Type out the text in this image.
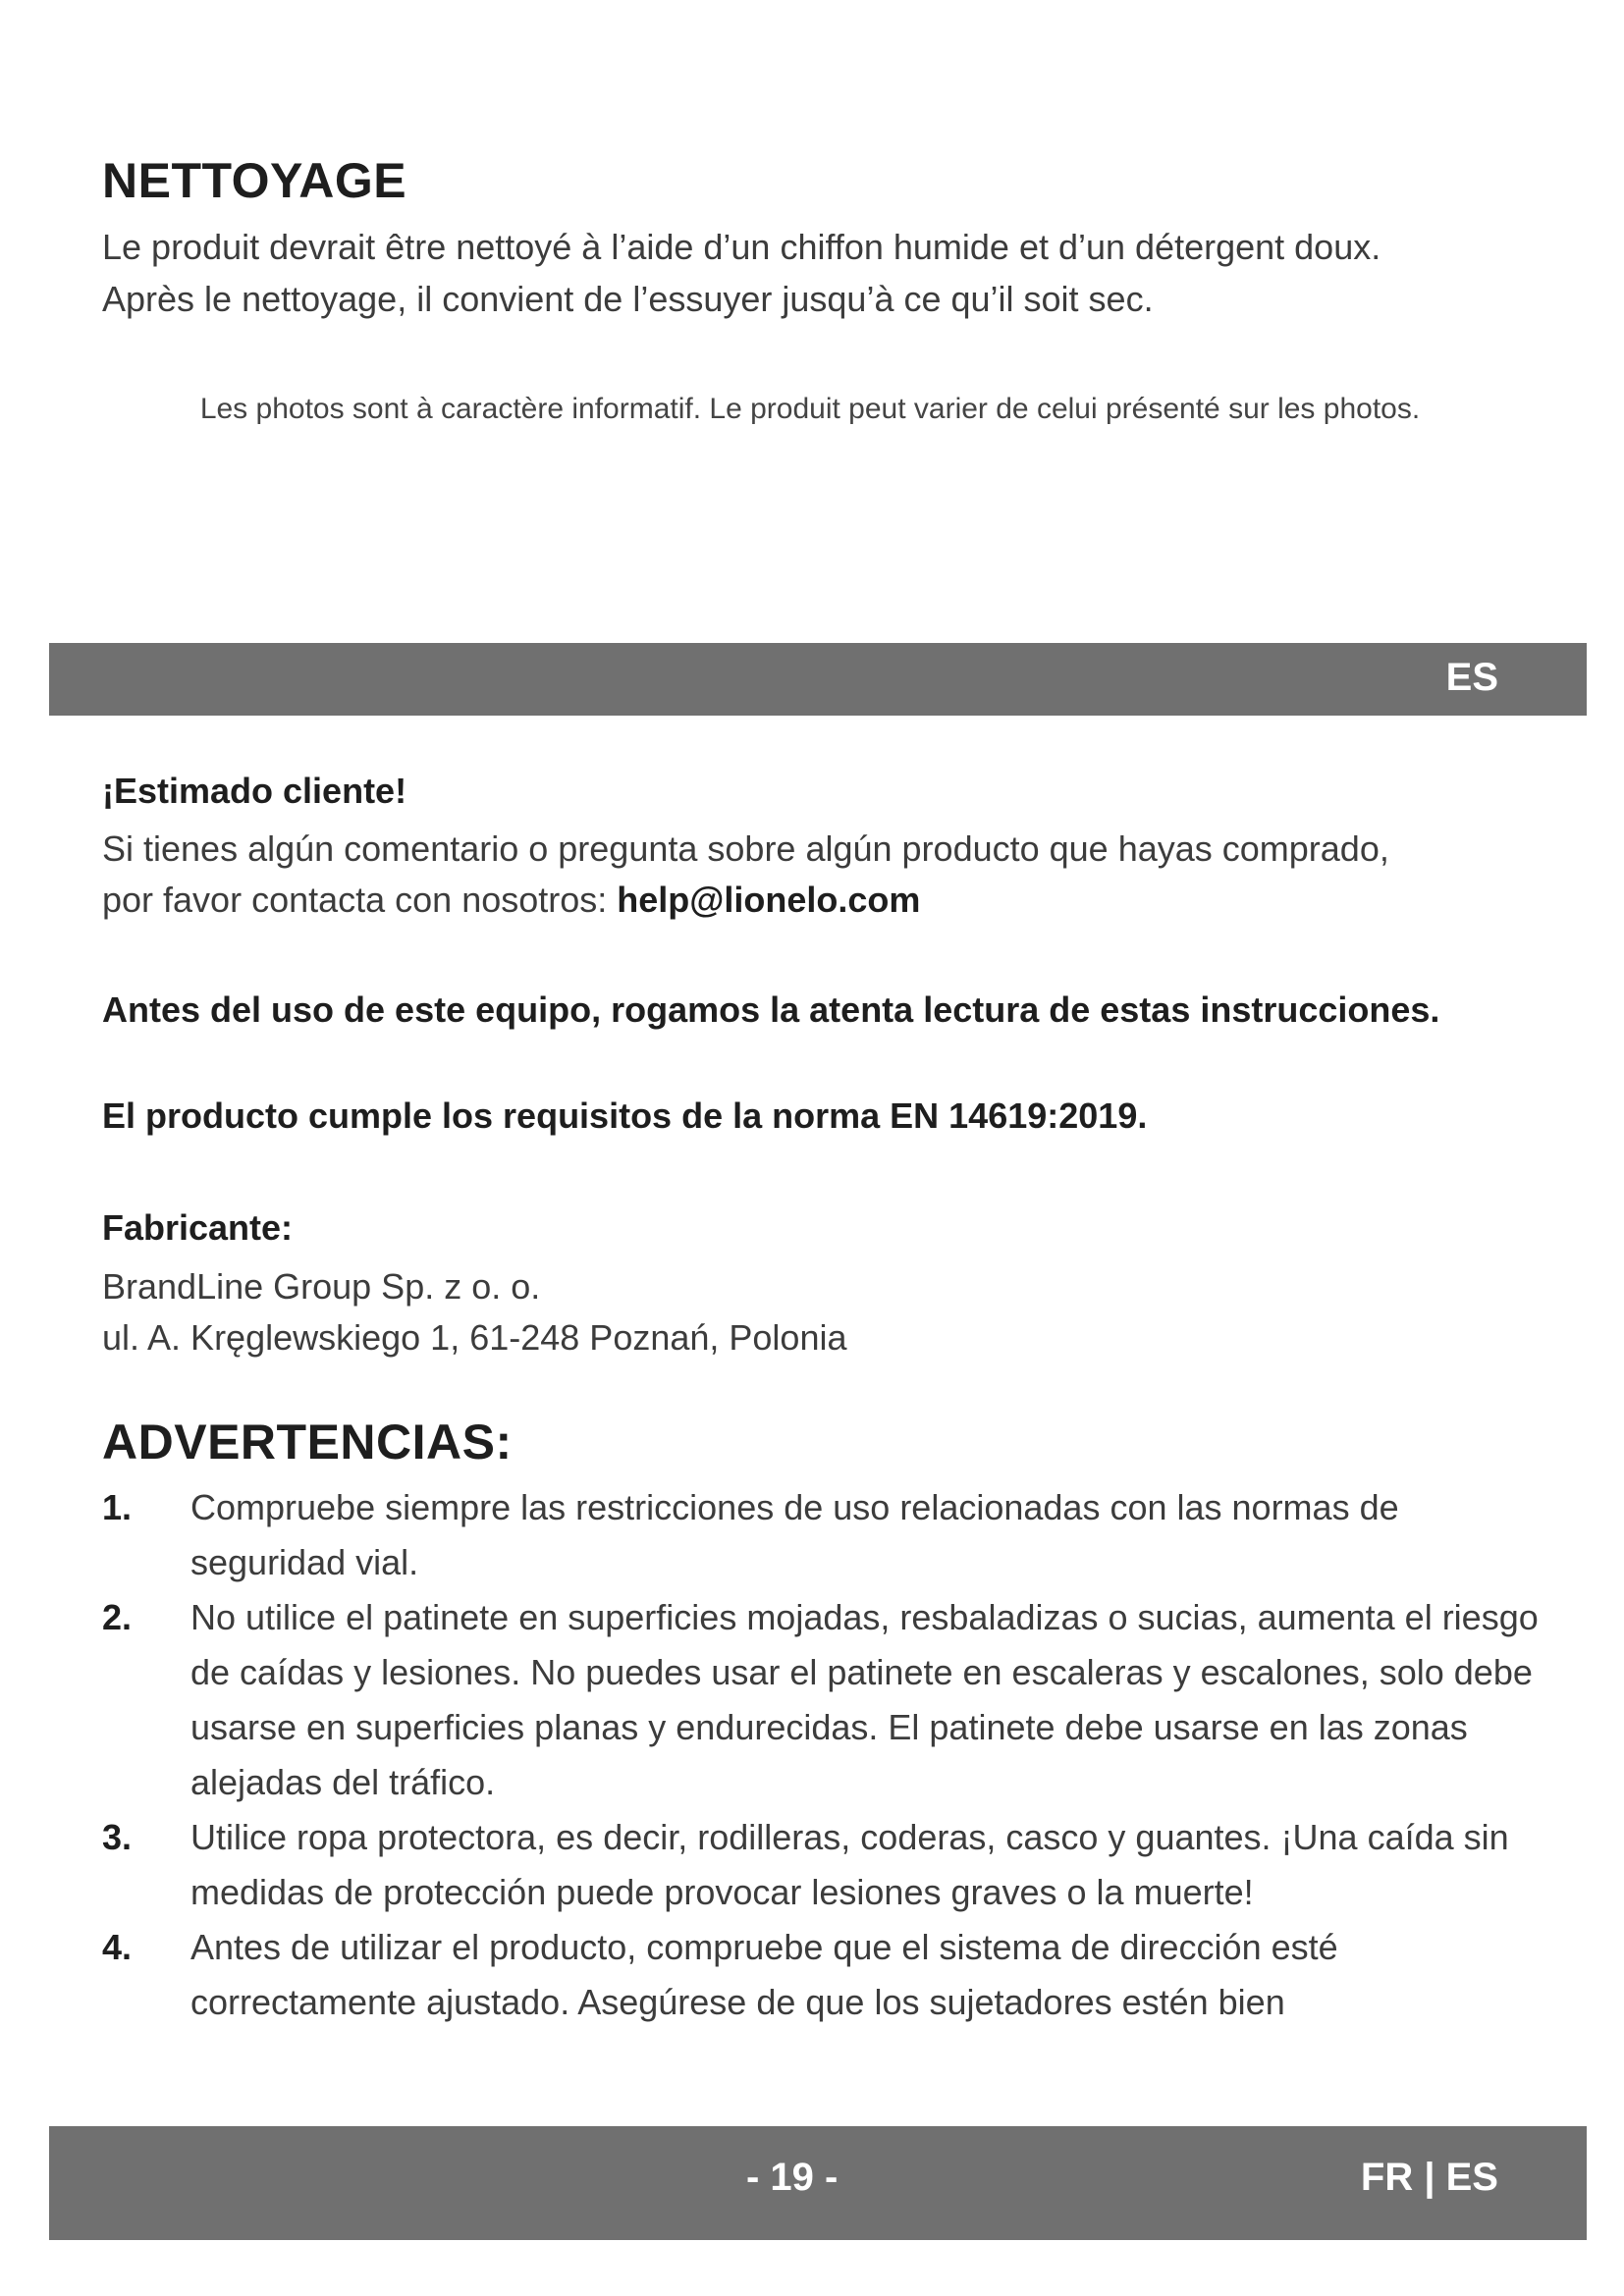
NETTOYAGE

Le produit devrait être nettoyé à l’aide d’un chiffon humide et d’un détergent doux.

Après le nettoyage, il convient de l’essuyer jusqu’à ce qu’il soit sec.

Les photos sont à caractère informatif. Le produit peut varier de celui présenté sur les photos.

ES

¡Estimado cliente!

Si tienes algún comentario o pregunta sobre algún producto que hayas comprado,

por favor contacta con nosotros: help@lionelo.com

Antes del uso de este equipo, rogamos la atenta lectura de estas instrucciones.

El producto cumple los requisitos de la norma EN 14619:2019.

Fabricante:

BrandLine Group Sp. z o. o.

ul. A. Kręglewskiego 1, 61-248 Poznań, Polonia

ADVERTENCIAS:
1.	Compruebe siempre las restricciones de uso relacionadas con las normas de seguridad vial.
2.	No utilice el patinete en superficies mojadas, resbaladizas o sucias, aumenta el riesgo de caídas y lesiones. No puedes usar el patinete en escaleras y escalones, solo debe usarse en superficies planas y endurecidas. El patinete debe usarse en las zonas alejadas del tráfico.
3.	Utilice ropa protectora, es decir, rodilleras, coderas, casco y guantes. ¡Una caída sin medidas de protección puede provocar lesiones graves o la muerte!
4.	Antes de utilizar el producto, compruebe que el sistema de dirección esté correctamente ajustado. Asegúrese de que los sujetadores estén bien
- 19 -	FR | ES
